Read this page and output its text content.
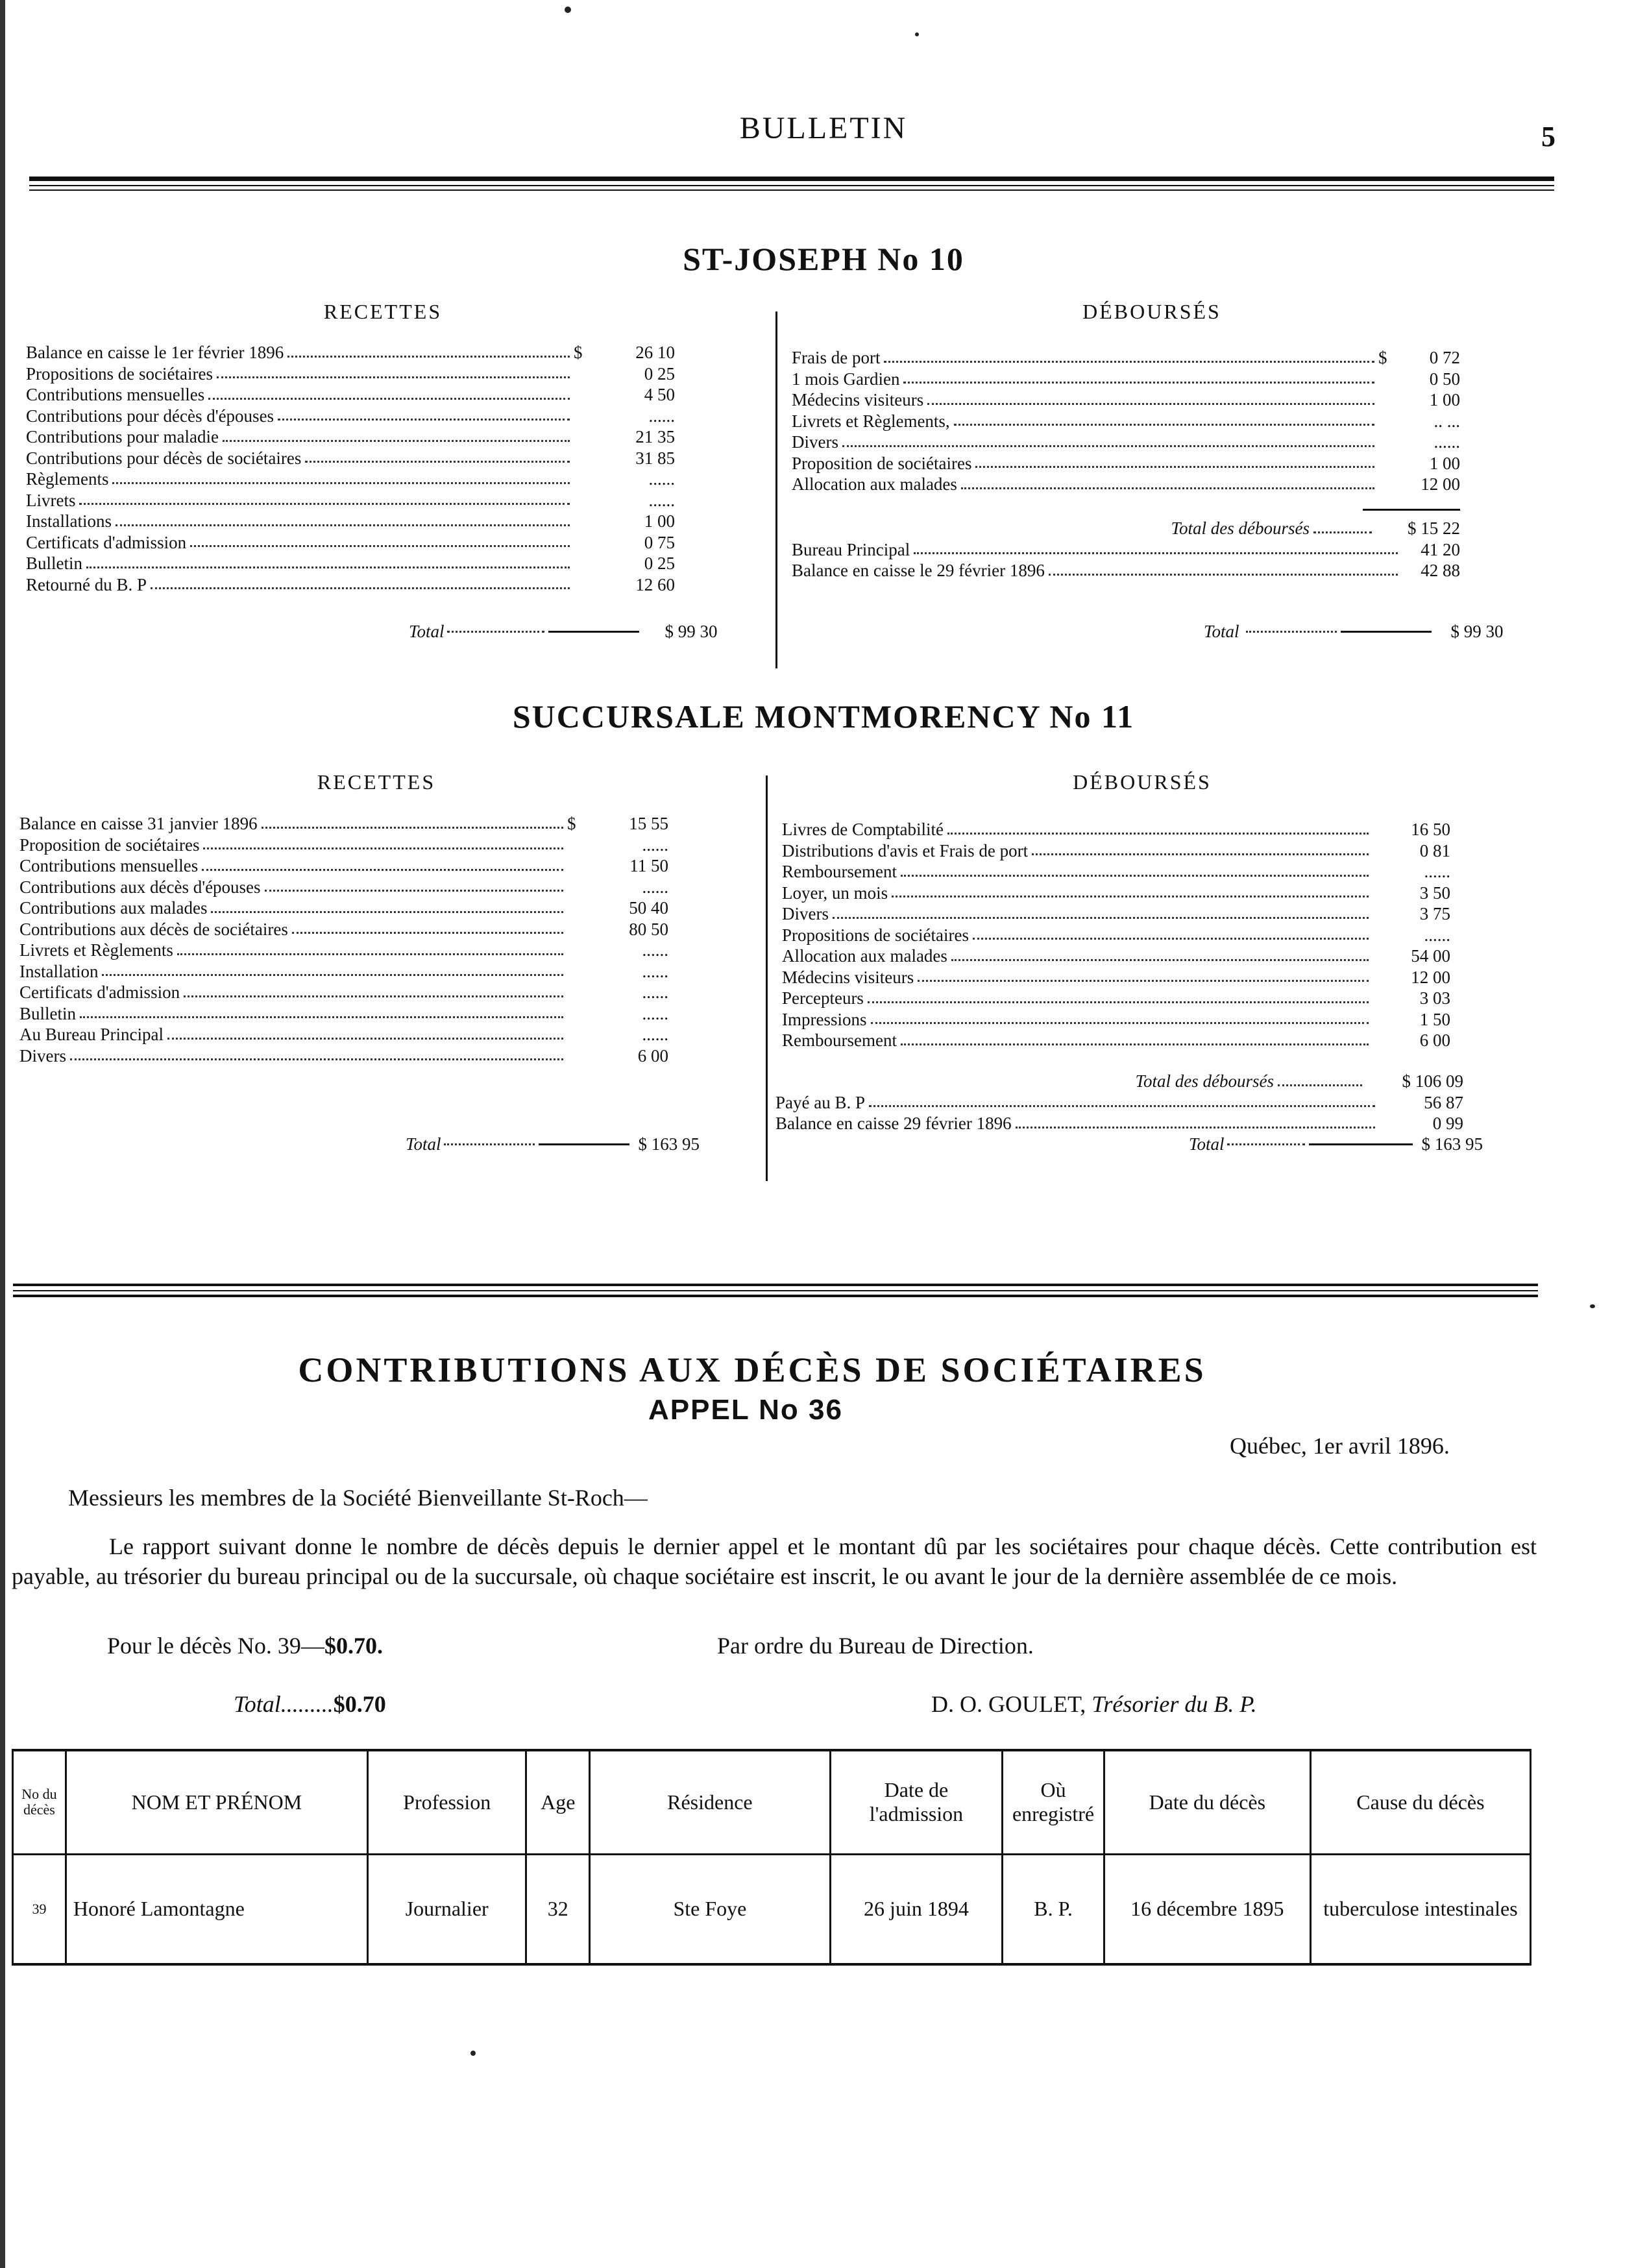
BULLETIN	5
ST-JOSEPH No 10
RECETTES	DÉBOURSÉS
Balance en caisse le 1er février 1896	$	26 10
Propositions de sociétaires	0 25
Contributions mensuelles	4 50
Contributions pour décès d'épouses	......
Contributions pour maladie	21 35
Contributions pour décès de sociétaires	31 85
Règlements	......
Livrets	......
Installations	1 00
Certificats d'admission	0 75
Bulletin	0 25
Retourné du B. P	12 60
Total	$ 99 30
Frais de port	$	0 72
1 mois Gardien	0 50
Médecins visiteurs	1 00
Livrets et Règlements,	.. ...
Divers	......
Proposition de sociétaires	1 00
Allocation aux malades	12 00
Total des déboursés	$ 15 22
Bureau Principal	41 20
Balance en caisse le 29 février 1896	42 88
Total	$ 99 30
SUCCURSALE MONTMORENCY No 11
RECETTES	DÉBOURSÉS
Balance en caisse 31 janvier 1896	$	15 55
Proposition de sociétaires	......
Contributions mensuelles	11 50
Contributions aux décès d'épouses	......
Contributions aux malades	50 40
Contributions aux décès de sociétaires	80 50
Livrets et Règlements	......
Installation	......
Certificats d'admission	......
Bulletin	......
Au Bureau Principal	......
Divers	6 00
Total	$ 163 95
Livres de Comptabilité	16 50
Distributions d'avis et Frais de port	0 81
Remboursement	......
Loyer, un mois	3 50
Divers	3 75
Propositions de sociétaires	......
Allocation aux malades	54 00
Médecins visiteurs	12 00
Percepteurs	3 03
Impressions	1 50
Remboursement	6 00
Total des déboursés	$ 106 09
Payé au B. P	56 87
Balance en caisse 29 février 1896	0 99
Total	$ 163 95
CONTRIBUTIONS AUX DÉCÈS DE SOCIÉTAIRES
APPEL No 36
Québec, 1er avril 1896.
Messieurs les membres de la Société Bienveillante St-Roch—
Le rapport suivant donne le nombre de décès depuis le dernier appel et le montant dû par les sociétaires pour chaque décès. Cette contribution est payable, au trésorier du bureau principal ou de la succursale, où chaque sociétaire est inscrit, le ou avant le jour de la dernière assemblée de ce mois.
Pour le décès No. 39—$0.70.	Par ordre du Bureau de Direction.
Total.........$0.70	D. O. GOULET, Trésorier du B. P.
No du décès	NOM ET PRÉNOM	Profession	Age	Résidence	Date de l'admission	Où enregistré	Date du décès	Cause du décès
39	Honoré Lamontagne	Journalier	32	Ste Foye	26 juin 1894	B. P.	16 décembre 1895	tuberculose intestinales
